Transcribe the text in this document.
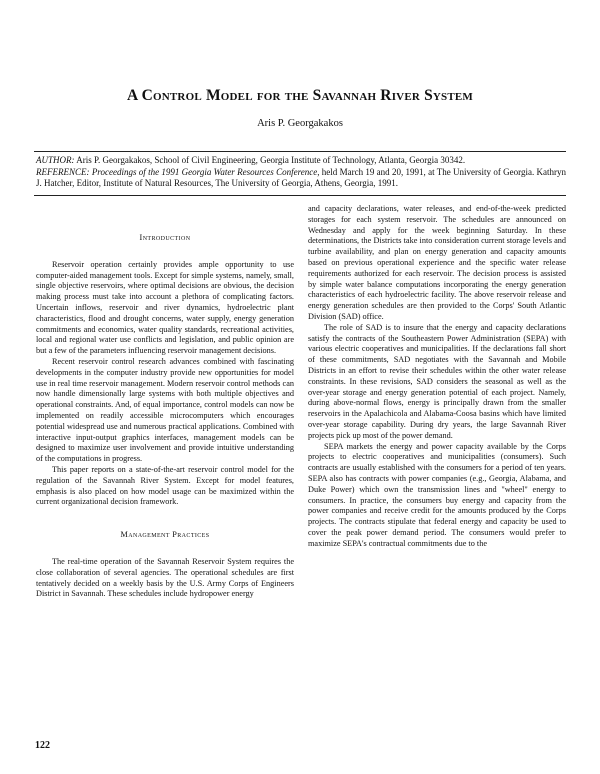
A Control Model for the Savannah River System
Aris P. Georgakakos

AUTHOR: Aris P. Georgakakos, School of Civil Engineering, Georgia Institute of Technology, Atlanta, Georgia 30342.

REFERENCE: Proceedings of the 1991 Georgia Water Resources Conference, held March 19 and 20, 1991, at The University of Georgia. Kathryn J. Hatcher, Editor, Institute of Natural Resources, The University of Georgia, Athens, Georgia, 1991.

Introduction

Reservoir operation certainly provides ample opportunity to use computer-aided management tools. Except for simple systems, namely, small, single objective reservoirs, where optimal decisions are obvious, the decision making process must take into account a plethora of complicating factors. Uncertain inflows, reservoir and river dynamics, hydroelectric plant characteristics, flood and drought concerns, water supply, energy generation commitments and economics, water quality standards, recreational activities, local and regional water use conflicts and legislation, and public opinion are but a few of the parameters influencing reservoir management decisions.

Recent reservoir control research advances combined with fascinating developments in the computer industry provide new opportunities for model use in real time reservoir management. Modern reservoir control methods can now handle dimensionally large systems with both multiple objectives and operational constraints. And, of equal importance, control models can now be implemented on readily accessible microcomputers which encourages potential widespread use and numerous practical applications. Combined with interactive input-output graphics interfaces, management models can be designed to maximize user involvement and provide intuitive understanding of the computations in progress.

This paper reports on a state-of-the-art reservoir control model for the regulation of the Savannah River System. Except for model features, emphasis is also placed on how model usage can be maximized within the current organizational decision framework.

Management Practices

The real-time operation of the Savannah Reservoir System requires the close collaboration of several agencies. The operational schedules are first tentatively decided on a weekly basis by the U.S. Army Corps of Engineers District in Savannah. These schedules include hydropower energy

and capacity declarations, water releases, and end-of-the-week predicted storages for each system reservoir. The schedules are announced on Wednesday and apply for the week beginning Saturday. In these determinations, the Districts take into consideration current storage levels and turbine availability, and plan on energy generation and capacity amounts based on previous operational experience and the specific water release requirements authorized for each reservoir. The decision process is assisted by simple water balance computations incorporating the energy generation characteristics of each hydroelectric facility. The above reservoir release and energy generation schedules are then provided to the Corps' South Atlantic Division (SAD) office.

The role of SAD is to insure that the energy and capacity declarations satisfy the contracts of the Southeastern Power Administration (SEPA) with various electric cooperatives and municipalities. If the declarations fall short of these commitments, SAD negotiates with the Savannah and Mobile Districts in an effort to revise their schedules within the other water release constraints. In these revisions, SAD considers the seasonal as well as the over-year storage and energy generation potential of each project. Namely, during above-normal flows, energy is principally drawn from the smaller reservoirs in the Apalachicola and Alabama-Coosa basins which have limited over-year storage capability. During dry years, the large Savannah River projects pick up most of the power demand.

SEPA markets the energy and power capacity available by the Corps projects to electric cooperatives and municipalities (consumers). Such contracts are usually established with the consumers for a period of ten years. SEPA also has contracts with power companies (e.g., Georgia, Alabama, and Duke Power) which own the transmission lines and "wheel" energy to consumers. In practice, the consumers buy energy and capacity from the power companies and receive credit for the amounts produced by the Corps projects. The contracts stipulate that federal energy and capacity be used to cover the peak power demand period. The consumers would prefer to maximize SEPA's contractual commitments due to the

122
